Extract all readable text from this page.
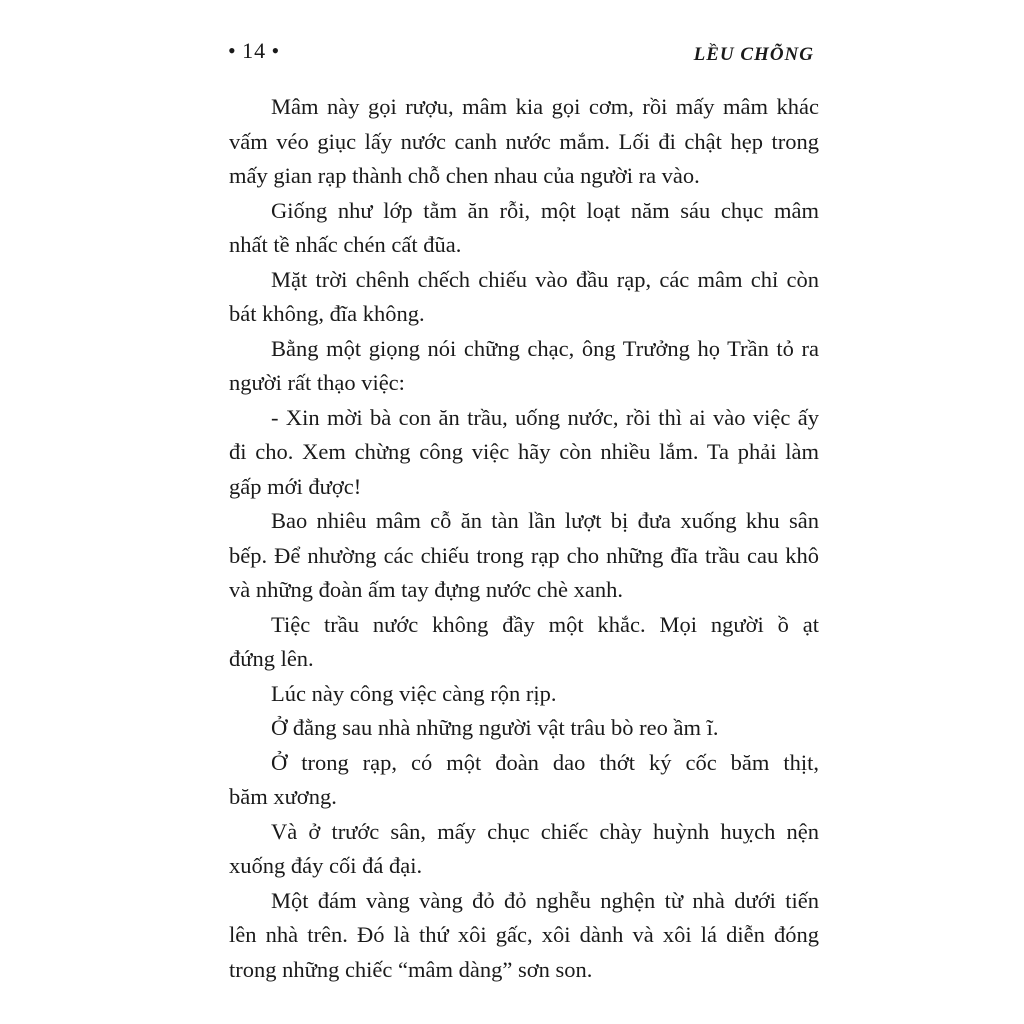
• 14 •	LỀU CHÕNG
Mâm này gọi rượu, mâm kia gọi cơm, rồi mấy mâm khác
vấm véo giục lấy nước canh nước mắm. Lối đi chật hẹp trong
mấy gian rạp thành chỗ chen nhau của người ra vào.
Giống như lớp tằm ăn rỗi, một loạt năm sáu chục mâm
nhất tề nhấc chén cất đũa.
Mặt trời chênh chếch chiếu vào đầu rạp, các mâm chỉ còn
bát không, đĩa không.
Bằng một giọng nói chững chạc, ông Trưởng họ Trần tỏ ra
người rất thạo việc:
- Xin mời bà con ăn trầu, uống nước, rồi thì ai vào việc ấy
đi cho. Xem chừng công việc hãy còn nhiều lắm. Ta phải làm
gấp mới được!
Bao nhiêu mâm cỗ ăn tàn lần lượt bị đưa xuống khu sân
bếp. Để nhường các chiếu trong rạp cho những đĩa trầu cau khô
và những đoàn ấm tay đựng nước chè xanh.
Tiệc trầu nước không đầy một khắc. Mọi người ồ ạt
đứng lên.
Lúc này công việc càng rộn rịp.
Ở đằng sau nhà những người vật trâu bò reo ầm ĩ.
Ở trong rạp, có một đoàn dao thớt ký cốc băm thịt,
băm xương.
Và ở trước sân, mấy chục chiếc chày huỳnh huỵch nện
xuống đáy cối đá đại.
Một đám vàng vàng đỏ đỏ nghễu nghện từ nhà dưới tiến
lên nhà trên. Đó là thứ xôi gấc, xôi dành và xôi lá diễn đóng
trong những chiếc “mâm dàng” sơn son.
